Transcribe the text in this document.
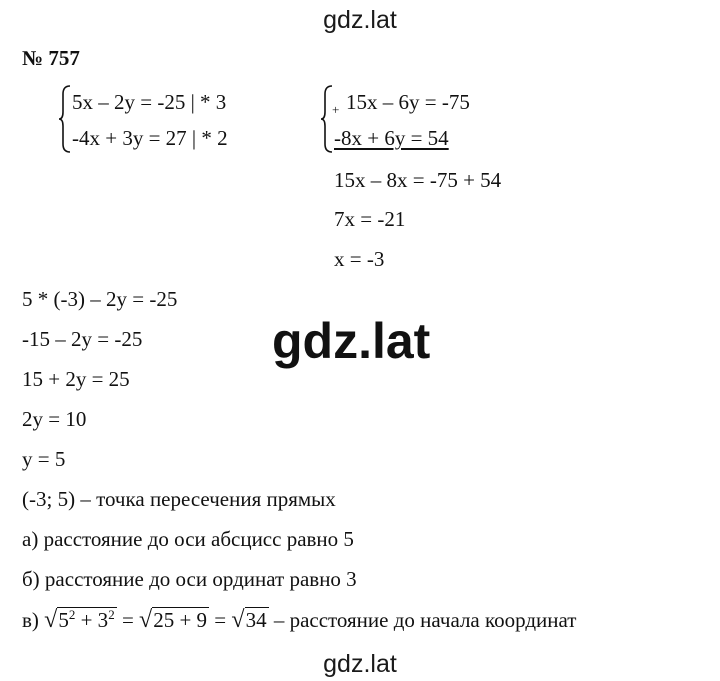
gdz.lat
№ 757
5x – 2y = -25 | * 3
-4x + 3y = 27 | * 2
+ 15x – 6y = -75
-8x + 6y = 54
15x – 8x = -75 + 54
7x = -21
x = -3
5 * (-3) – 2y = -25
-15 – 2y = -25
15 + 2y = 25
2y = 10
y = 5
gdz.lat
(-3; 5) – точка пересечения прямых
а) расстояние до оси абсцисс равно 5
б) расстояние до оси ординат равно 3
в) $√5^2 + 3^2 = √25 + 9 = √34$ – расстояние до начала координат
gdz.lat
